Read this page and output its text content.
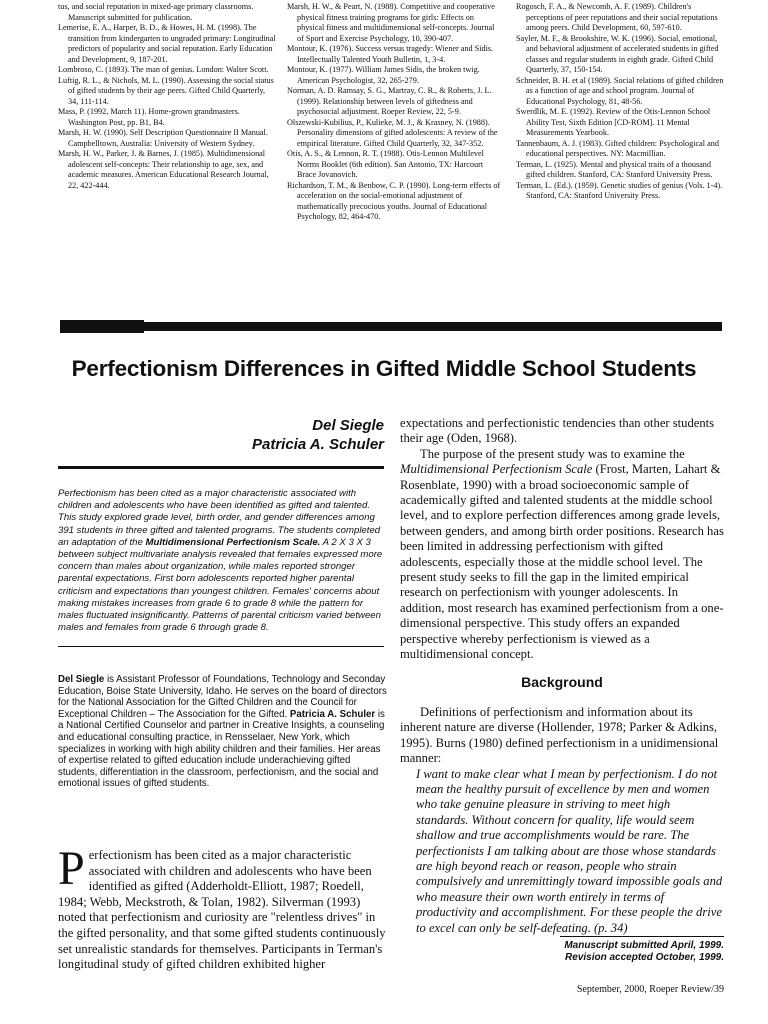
tus, and social reputation in mixed-age primary classrooms. Manuscript submitted for publication.

Lemerise, E. A., Harper, B. D., & Howes, H. M. (1998). The transition from kindergarten to ungraded primary: Longitudinal predictors of popularity and social reputation. Early Education and Development, 9, 187-201.

Lombroso, C. (1893). The man of genius. London: Walter Scott.

Luftig, R. L., & Nichols, M. L. (1990). Assessing the social status of gifted students by their age peers. Gifted Child Quarterly, 34, 111-114.

Mass, P. (1992, March 11). Home-grown grandmasters. Washington Post, pp. B1, B4.

Marsh, H. W. (1990). Self Description Questionnaire II Manual. Campbelltown, Australia: University of Western Sydney.

Marsh, H. W., Parker, J. & Barnes, J. (1985). Multidimensional adolescent self-concepts: Their relationship to age, sex, and academic measures. American Educational Research Journal, 22, 422-444.

Marsh, H. W., & Peart, N. (1988). Competitive and cooperative physical fitness training programs for girls: Effects on physical fitness and multidimensional self-concepts. Journal of Sport and Exercise Psychology, 10, 390-407.

Montour, K. (1976). Success versus tragedy: Wiener and Sidis. Intellectually Talented Youth Bulletin, 1, 3-4.

Montour, K. (1977). William James Sidis, the broken twig. American Psychologist, 32, 265-279.

Norman, A. D. Ramsay, S. G., Martray, C. R., & Roberts, J. L. (1999). Relationship between levels of giftedness and psychosocial adjustment. Roeper Review, 22, 5-9.

Olszewski-Kubilius, P., Kulieke, M. J., & Krasney, N. (1988). Personality dimensions of gifted adolescents: A review of the empirical literature. Gifted Child Quarterly, 32, 347-352.

Otis, A. S., & Lennon, R. T. (1988). Otis-Lennon Multilevel Norms Booklet (6th edition). San Antonio, TX: Harcourt Brace Jovanovich.

Richardson, T. M., & Benbow, C. P. (1990). Long-term effects of acceleration on the social-emotional adjustment of mathematically precocious youths. Journal of Educational Psychology, 82, 464-470.

Rogosch, F. A., & Newcomb, A. F. (1989). Children's perceptions of peer reputations and their social reputations among peers. Child Development, 60, 597-610.

Sayler, M. F., & Brookshire, W. K. (1996). Social, emotional, and behavioral adjustment of accelerated students in gifted classes and regular students in eighth grade. Gifted Child Quarterly, 37, 150-154.

Schneider, B. H. et al (1989). Social relations of gifted children as a function of age and school program. Journal of Educational Psychology, 81, 48-56.

Swerdlik, M. E. (1992). Review of the Otis-Lennon School Ability Test, Sixth Edition [CD-ROM]. 11 Mental Measurements Yearbook.

Tannenbaum, A. J. (1983). Gifted children: Psychological and educational perspectives. NY: Macmillian.

Terman, L. (1925). Mental and physical traits of a thousand gifted children. Stanford, CA: Stanford University Press.

Terman, L. (Ed.). (1959). Genetic studies of genius (Vols. 1-4). Stanford, CA: Stanford University Press.

Perfectionism Differences in Gifted Middle School Students
Del Siegle
Patricia A. Schuler
Perfectionism has been cited as a major characteristic associated with children and adolescents who have been identified as gifted and talented. This study explored grade level, birth order, and gender differences among 391 students in three gifted and talented programs. The students completed an adaptation of the Multidimensional Perfectionism Scale. A 2 X 3 X 3 between subject multivariate analysis revealed that females expressed more concern than males about organization, while males reported stronger parental expectations. First born adolescents reported higher parental criticism and expectations than youngest children. Females' concerns about making mistakes increases from grade 6 to grade 8 while the pattern for males fluctuated insignificantly. Patterns of parental criticism varied between males and females from grade 6 through grade 8.
Del Siegle is Assistant Professor of Foundations, Technology and Seconday Education, Boise State University, Idaho. He serves on the board of directors for the National Association for the Gifted Children and the Council for Exceptional Children – The Association for the Gifted. Patricia A. Schuler is a National Certified Counselor and partner in Creative Insights, a counseling and educational consulting practice, in Rensselaer, New York, which specializes in working with high ability children and their families. Her areas of expertise related to gifted education include underachieving gifted students, differentiation in the classroom, perfectionism, and the social and emotional issues of gifted students.
Perfectionism has been cited as a major characteristic associated with children and adolescents who have been identified as gifted (Adderholdt-Elliott, 1987; Roedell, 1984; Webb, Meckstroth, & Tolan, 1982). Silverman (1993) noted that perfectionism and curiosity are "relentless drives" in the gifted personality, and that some gifted students continuously set unrealistic standards for themselves. Participants in Terman's longitudinal study of gifted children exhibited higher

expectations and perfectionistic tendencies than other students their age (Oden, 1968).

The purpose of the present study was to examine the Multidimensional Perfectionism Scale (Frost, Marten, Lahart & Rosenblate, 1990) with a broad socioeconomic sample of academically gifted and talented students at the middle school level, and to explore perfection differences among grade levels, between genders, and among birth order positions. Research has been limited in addressing perfectionism with gifted adolescents, especially those at the middle school level. The present study seeks to fill the gap in the limited empirical research on perfectionism with younger adolescents. In addition, most research has examined perfectionism from a one-dimensional perspective. This study offers an expanded perspective whereby perfectionism is viewed as a multidimensional concept.

Background

Definitions of perfectionism and information about its inherent nature are diverse (Hollender, 1978; Parker & Adkins, 1995). Burns (1980) defined perfectionism in a unidimensional manner:

I want to make clear what I mean by perfectionism. I do not mean the healthy pursuit of excellence by men and women who take genuine pleasure in striving to meet high standards. Without concern for quality, life would seem shallow and true accomplishments would be rare. The perfectionists I am talking about are those whose standards are high beyond reach or reason, people who strain compulsively and unremittingly toward impossible goals and who measure their own worth entirely in terms of productivity and accomplishment. For these people the drive to excel can only be self-defeating. (p. 34)

Manuscript submitted April, 1999.
Revision accepted October, 1999.
September, 2000, Roeper Review/39
